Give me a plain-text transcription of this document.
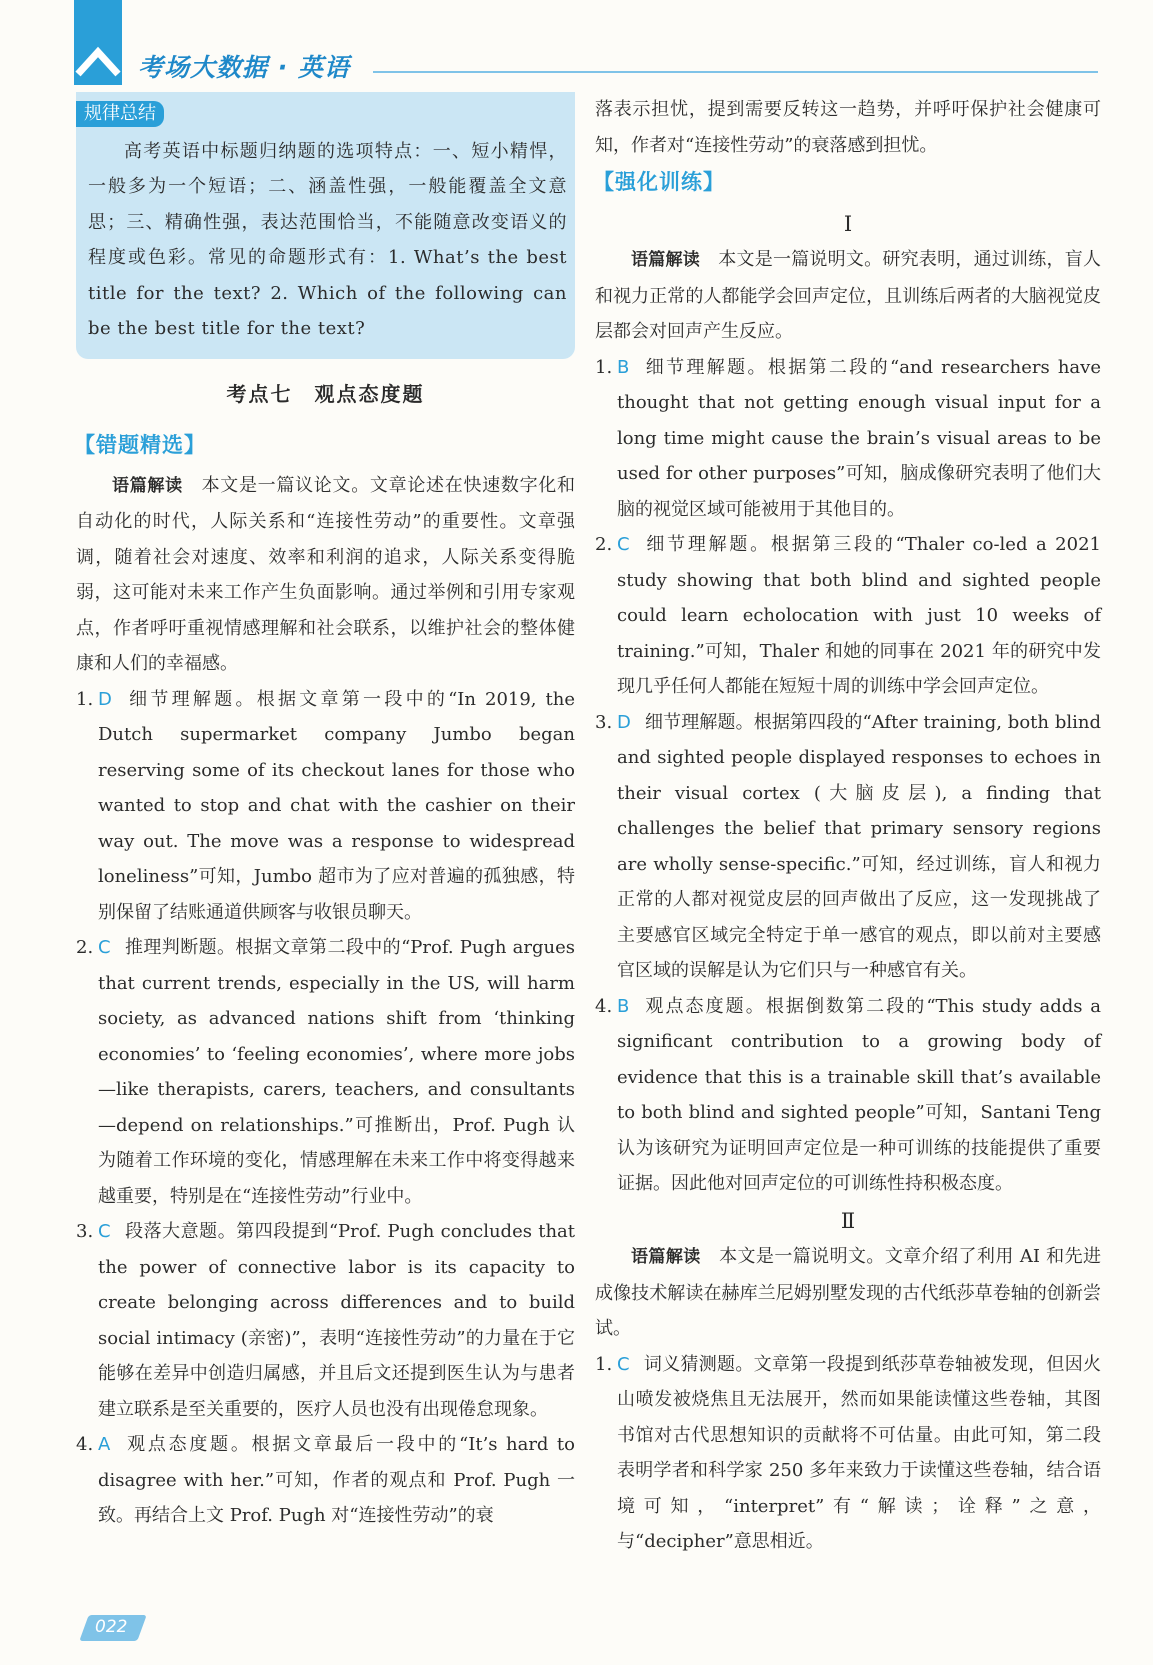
考场大数据 · 英语
规律总结

高考英语中标题归纳题的选项特点：一、短小精悍，一般多为一个短语；二、涵盖性强，一般能覆盖全文意思；三、精确性强，表达范围恰当，不能随意改变语义的程度或色彩。常见的命题形式有：1. What’s the best title for the text? 2. Which of the following can be the best title for the text?

考点七　观点态度题
【错题精选】

语篇解读　 本文是一篇议论文。文章论述在快速数字化和自动化的时代，人际关系和“连接性劳动”的重要性。文章强调，随着社会对速度、效率和利润的追求，人际关系变得脆弱，这可能对未来工作产生负面影响。通过举例和引用专家观点，作者呼吁重视情感理解和社会联系，以维护社会的整体健康和人们的幸福感。

1. D 细节理解题。根据文章第一段中的“In 2019, the Dutch supermarket company Jumbo began reserving some of its checkout lanes for those who wanted to stop and chat with the cashier on their way out. The move was a response to widespread loneliness”可知，Jumbo 超市为了应对普遍的孤独感，特别保留了结账通道供顾客与收银员聊天。
2. C 推理判断题。根据文章第二段中的“Prof. Pugh argues that current trends, especially in the US, will harm society, as advanced nations shift from ‘thinking economies’ to ‘feeling economies’, where more jobs—like therapists, carers, teachers, and consultants—depend on relationships.”可推断出，Prof. Pugh 认为随着工作环境的变化，情感理解在未来工作中将变得越来越重要，特别是在“连接性劳动”行业中。
3. C 段落大意题。第四段提到“Prof. Pugh concludes that the power of connective labor is its capacity to create belonging across differences and to build social intimacy (亲密)”，表明“连接性劳动”的力量在于它能够在差异中创造归属感，并且后文还提到医生认为与患者建立联系是至关重要的，医疗人员也没有出现倦怠现象。
4. A 观点态度题。根据文章最后一段中的“It’s hard to disagree with her.”可知，作者的观点和 Prof. Pugh 一致。再结合上文 Prof. Pugh 对“连接性劳动”的衰

落表示担忧，提到需要反转这一趋势，并呼吁保护社会健康可知，作者对“连接性劳动”的衰落感到担忧。

【强化训练】
Ⅰ

语篇解读　 本文是一篇说明文。研究表明，通过训练，盲人和视力正常的人都能学会回声定位，且训练后两者的大脑视觉皮层都会对回声产生反应。

1. B 细节理解题。根据第二段的“and researchers have thought that not getting enough visual input for a long time might cause the brain’s visual areas to be used for other purposes”可知，脑成像研究表明了他们大脑的视觉区域可能被用于其他目的。
2. C 细节理解题。根据第三段的“Thaler co-led a 2021 study showing that both blind and sighted people could learn echolocation with just 10 weeks of training.”可知，Thaler 和她的同事在 2021 年的研究中发现几乎任何人都能在短短十周的训练中学会回声定位。
3. D 细节理解题。根据第四段的“After training, both blind and sighted people displayed responses to echoes in their visual cortex (大脑皮层), a finding that challenges the belief that primary sensory regions are wholly sense-specific.”可知，经过训练，盲人和视力正常的人都对视觉皮层的回声做出了反应，这一发现挑战了主要感官区域完全特定于单一感官的观点，即以前对主要感官区域的误解是认为它们只与一种感官有关。
4. B 观点态度题。根据倒数第二段的“This study adds a significant contribution to a growing body of evidence that this is a trainable skill that’s available to both blind and sighted people”可知，Santani Teng 认为该研究为证明回声定位是一种可训练的技能提供了重要证据。因此他对回声定位的可训练性持积极态度。
Ⅱ

语篇解读　 本文是一篇说明文。文章介绍了利用 AI 和先进成像技术解读在赫库兰尼姆别墅发现的古代纸莎草卷轴的创新尝试。

1. C 词义猜测题。文章第一段提到纸莎草卷轴被发现，但因火山喷发被烧焦且无法展开，然而如果能读懂这些卷轴，其图书馆对古代思想知识的贡献将不可估量。由此可知，第二段表明学者和科学家 250 多年来致力于读懂这些卷轴，结合语境可知，“interpret”有“解读；诠释”之意，与“decipher”意思相近。
022
